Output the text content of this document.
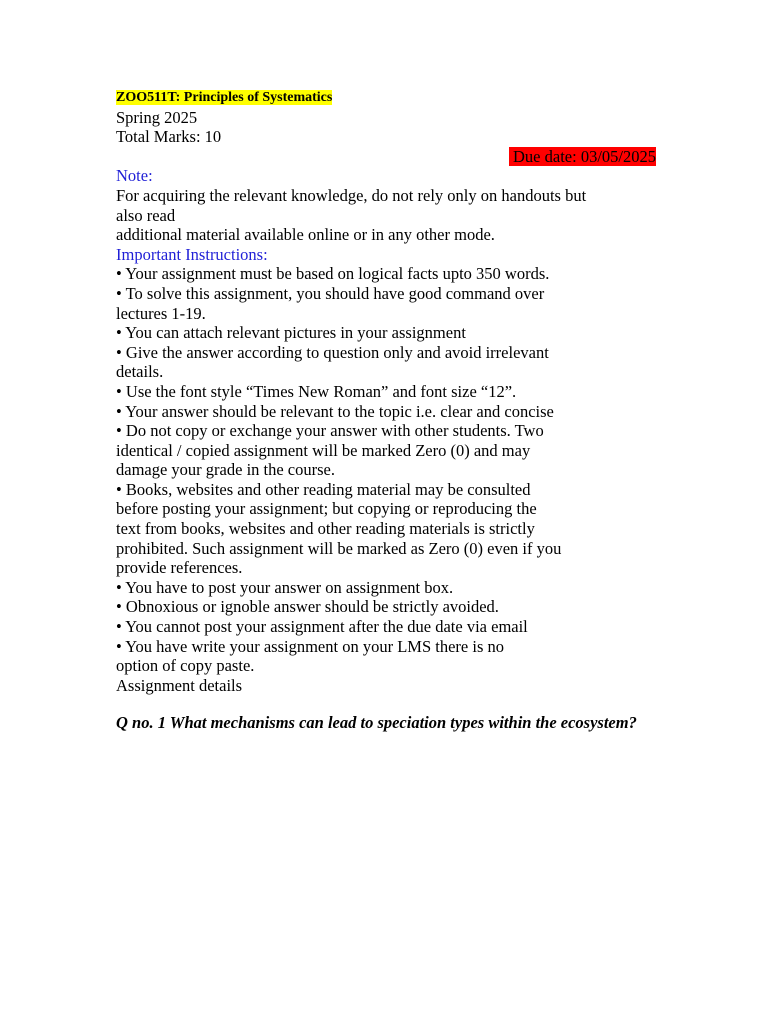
ZOO511T: Principles of Systematics
Spring 2025
Total Marks: 10
Due date: 03/05/2025
Note:
For acquiring the relevant knowledge, do not rely only on handouts but
also read
additional material available online or in any other mode.
Important Instructions:
• Your assignment must be based on logical facts upto 350 words.
• To solve this assignment, you should have good command over
lectures 1-19.
• You can attach relevant pictures in your assignment
• Give the answer according to question only and avoid irrelevant
details.
• Use the font style “Times New Roman” and font size “12”.
• Your answer should be relevant to the topic i.e. clear and concise
• Do not copy or exchange your answer with other students. Two
identical / copied assignment will be marked Zero (0) and may
damage your grade in the course.
• Books, websites and other reading material may be consulted
before posting your assignment; but copying or reproducing the
text from books, websites and other reading materials is strictly
prohibited. Such assignment will be marked as Zero (0) even if you
provide references.
• You have to post your answer on assignment box.
• Obnoxious or ignoble answer should be strictly avoided.
• You cannot post your assignment after the due date via email
• You have write your assignment on your LMS there is no
option of copy paste.
Assignment details
Q no. 1 What mechanisms can lead to speciation types within the ecosystem?
